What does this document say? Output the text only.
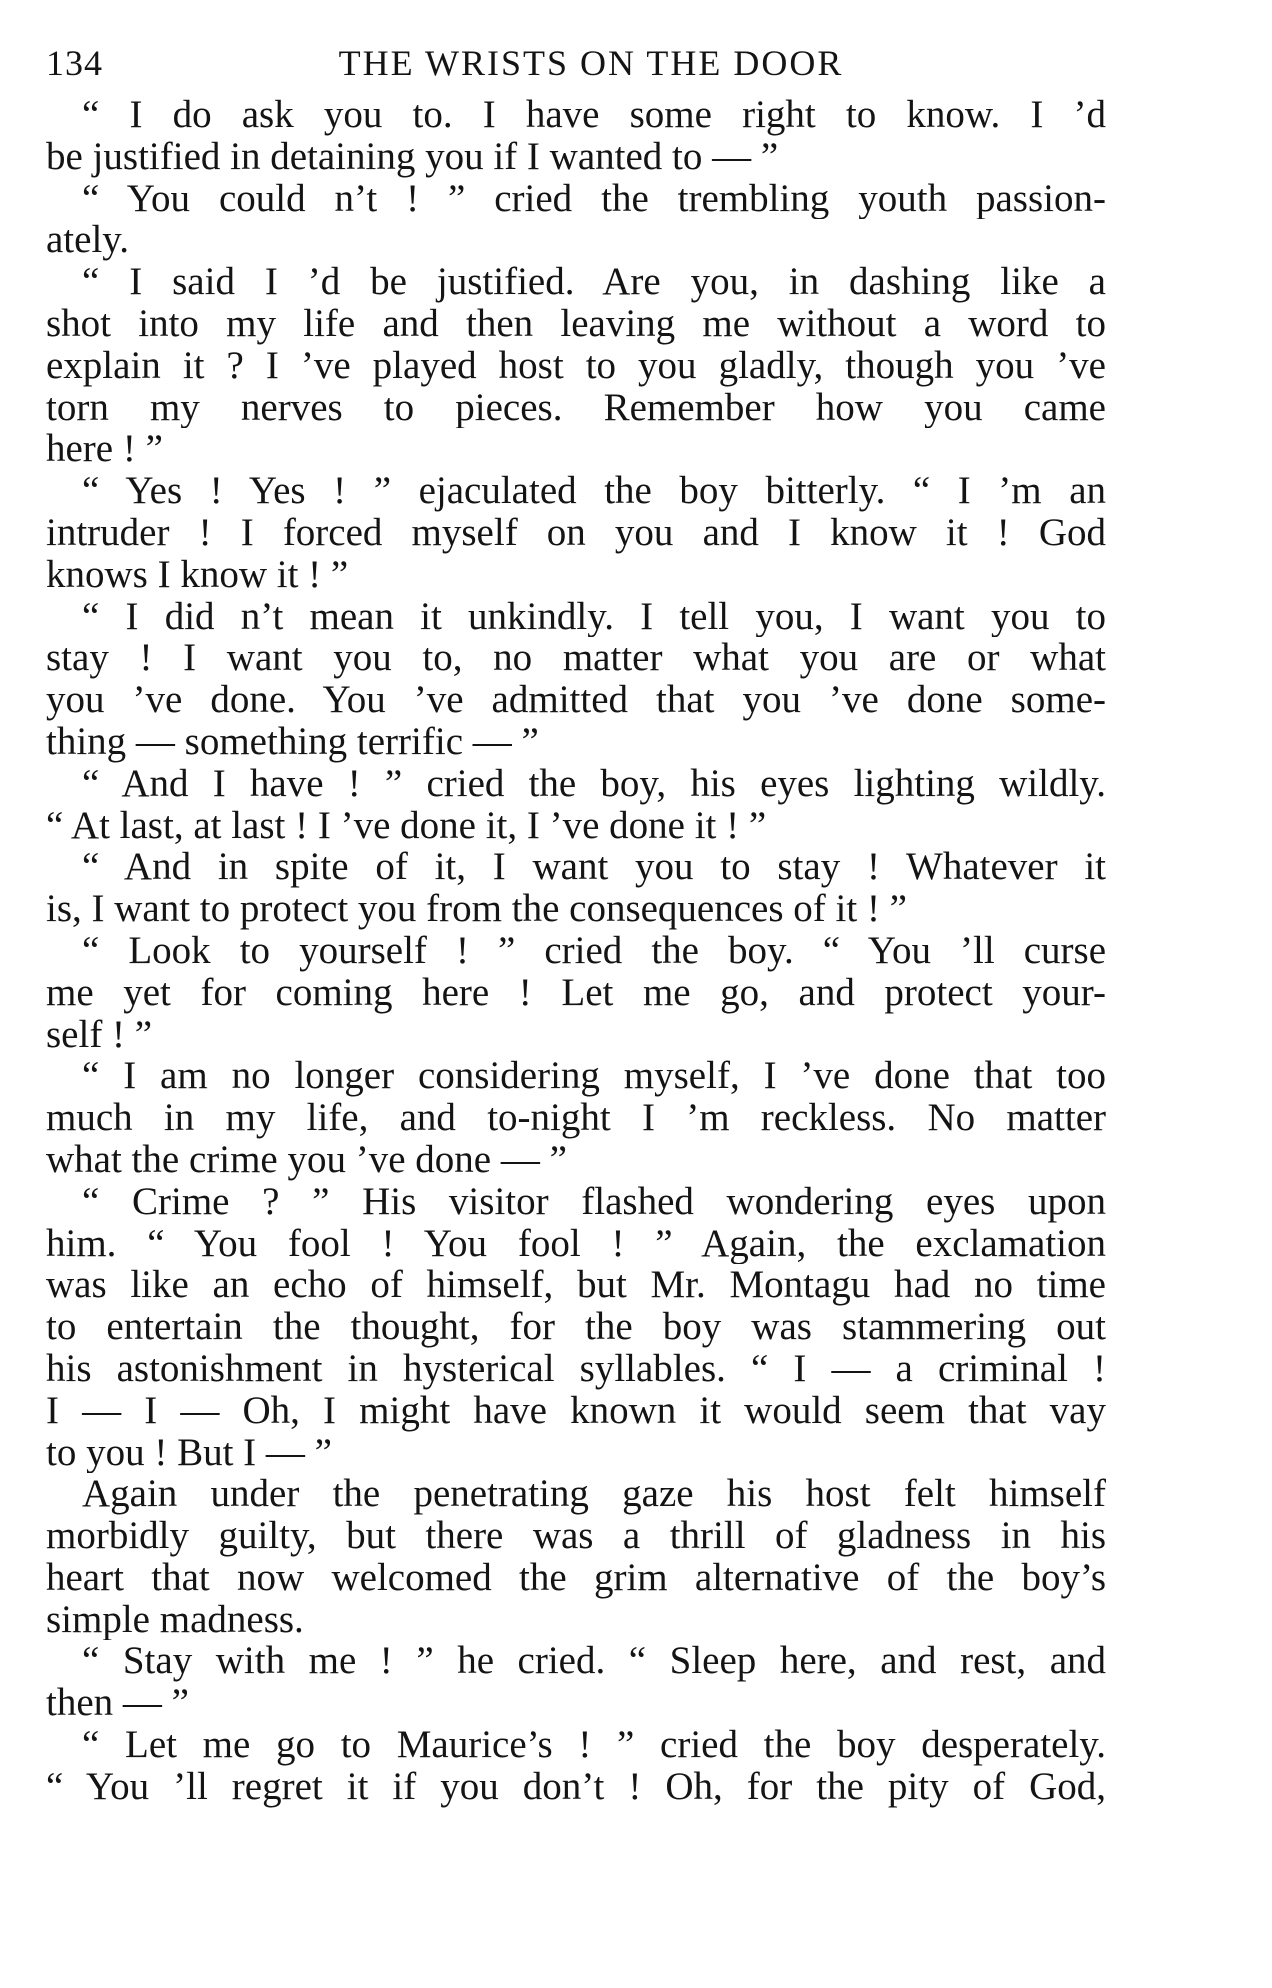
134	THE WRISTS ON THE DOOR
“ I do ask you to. I have some right to know. I ’d
be justified in detaining you if I wanted to — ”
“ You could n’t ! ” cried the trembling youth passion-
ately.
“ I said I ’d be justified. Are you, in dashing like a
shot into my life and then leaving me without a word to
explain it ? I ’ve played host to you gladly, though you ’ve
torn my nerves to pieces. Remember how you came
here ! ”
“ Yes ! Yes ! ” ejaculated the boy bitterly. “ I ’m an
intruder ! I forced myself on you and I know it ! God
knows I know it ! ”
“ I did n’t mean it unkindly. I tell you, I want you to
stay ! I want you to, no matter what you are or what
you ’ve done. You ’ve admitted that you ’ve done some-
thing — something terrific — ”
“ And I have ! ” cried the boy, his eyes lighting wildly.
“ At last, at last ! I ’ve done it, I ’ve done it ! ”
“ And in spite of it, I want you to stay ! Whatever it
is, I want to protect you from the consequences of it ! ”
“ Look to yourself ! ” cried the boy. “ You ’ll curse
me yet for coming here ! Let me go, and protect your-
self ! ”
“ I am no longer considering myself, I ’ve done that too
much in my life, and to-night I ’m reckless. No matter
what the crime you ’ve done — ”
“ Crime ? ” His visitor flashed wondering eyes upon
him. “ You fool ! You fool ! ” Again, the exclamation
was like an echo of himself, but Mr. Montagu had no time
to entertain the thought, for the boy was stammering out
his astonishment in hysterical syllables. “ I — a criminal !
I — I — Oh, I might have known it would seem that vay
to you ! But I — ”
Again under the penetrating gaze his host felt himself
morbidly guilty, but there was a thrill of gladness in his
heart that now welcomed the grim alternative of the boy’s
simple madness.
“ Stay with me ! ” he cried. “ Sleep here, and rest, and
then — ”
“ Let me go to Maurice’s ! ” cried the boy desperately.
“ You ’ll regret it if you don’t ! Oh, for the pity of God,
